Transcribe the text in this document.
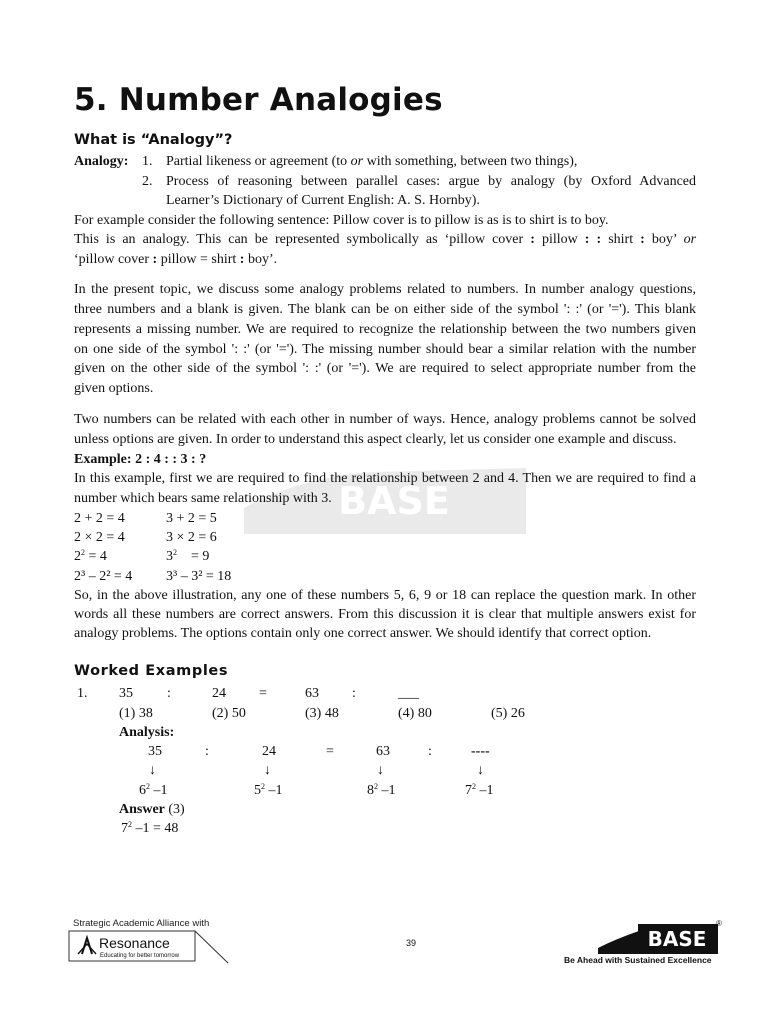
5. Number Analogies
What is “Analogy”?
Analogy: 1. Partial likeness or agreement (to or with something, between two things),
2. Process of reasoning between parallel cases: argue by analogy (by Oxford Advanced
Learner’s Dictionary of Current English: A. S. Hornby).
For example consider the following sentence: Pillow cover is to pillow is as is to shirt is to boy.
This is an analogy. This can be represented symbolically as ‘pillow cover : pillow : : shirt : boy’ or
‘pillow cover : pillow = shirt : boy’.
In the present topic, we discuss some analogy problems related to numbers. In number analogy questions,
three numbers and a blank is given. The blank can be on either side of the symbol ': :' (or '='). This blank
represents a missing number. We are required to recognize the relationship between the two numbers given
on one side of the symbol ': :' (or '='). The missing number should bear a similar relation with the number
given on the other side of the symbol ': :' (or '='). We are required to select appropriate number from the
given options.
Two numbers can be related with each other in number of ways. Hence, analogy problems cannot be solved
unless options are given. In order to understand this aspect clearly, let us consider one example and discuss.
BASE
Example: 2 : 4 : : 3 : ?
In this example, first we are required to find the relationship between 2 and 4. Then we are required to find a
number which bears same relationship with 3.
2 + 2 = 4	3 + 2 = 5
2 × 2 = 4	3 × 2 = 6
$2^2 = 4$	$3^2 = 9$
2³ – 2² = 4 3³ – 3² = 18
So, in the above illustration, any one of these numbers 5, 6, 9 or 18 can replace the question mark. In other
words all these numbers are correct answers. From this discussion it is clear that multiple answers exist for
analogy problems. The options contain only one correct answer. We should identify that correct option.
Worked Examples
1. 35 :	24 =	63 :	___
(1) 38	(2) 50	(3) 48	(4) 80	(5) 26
Analysis:
35	:	24	=	63	:	----
↓	↓	↓	↓
$6^2$ –1	$5^2$ –1	$8^2$ –1	$7^2$ –1
Answer (3)
$7^2$ –1 = 48
Strategic Academic Alliance with
Resonance
Educating for better tomorrow
39	BASE
®
Be Ahead with Sustained Excellence
